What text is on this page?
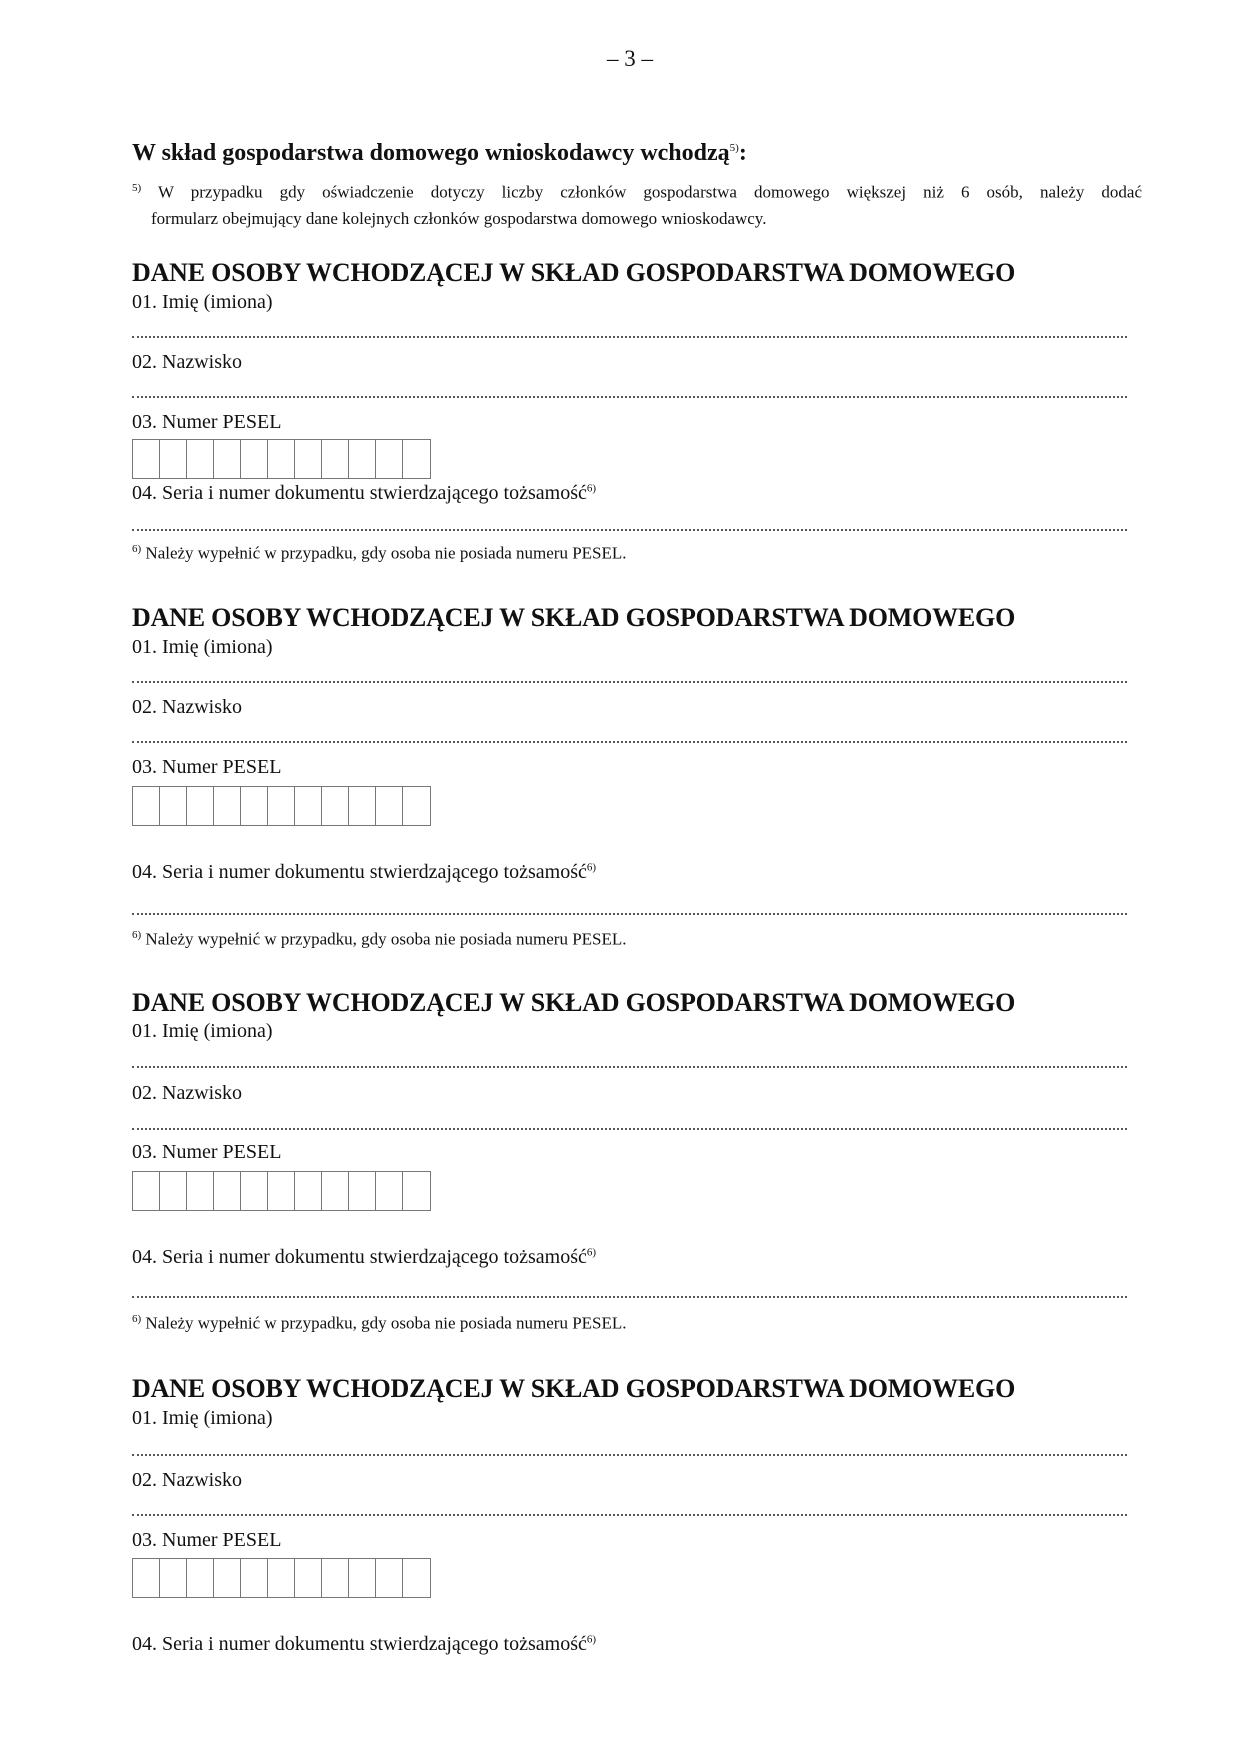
– 3 –
W skład gospodarstwa domowego wnioskodawcy wchodzą$^{5)}$:
$^{5)}$ W przypadku gdy oświadczenie dotyczy liczby członków gospodarstwa domowego większej niż 6 osób, należy dodać
formularz obejmujący dane kolejnych członków gospodarstwa domowego wnioskodawcy.
DANE OSOBY WCHODZĄCEJ W SKŁAD GOSPODARSTWA DOMOWEGO
01. Imię (imiona)
02. Nazwisko
03. Numer PESEL
04. Seria i numer dokumentu stwierdzającego tożsamość$^{6)}$
$^{6)}$ Należy wypełnić w przypadku, gdy osoba nie posiada numeru PESEL.
DANE OSOBY WCHODZĄCEJ W SKŁAD GOSPODARSTWA DOMOWEGO
01. Imię (imiona)
02. Nazwisko
03. Numer PESEL
04. Seria i numer dokumentu stwierdzającego tożsamość$^{6)}$
$^{6)}$ Należy wypełnić w przypadku, gdy osoba nie posiada numeru PESEL.
DANE OSOBY WCHODZĄCEJ W SKŁAD GOSPODARSTWA DOMOWEGO
01. Imię (imiona)
02. Nazwisko
03. Numer PESEL
04. Seria i numer dokumentu stwierdzającego tożsamość$^{6)}$
$^{6)}$ Należy wypełnić w przypadku, gdy osoba nie posiada numeru PESEL.
DANE OSOBY WCHODZĄCEJ W SKŁAD GOSPODARSTWA DOMOWEGO
01. Imię (imiona)
02. Nazwisko
03. Numer PESEL
04. Seria i numer dokumentu stwierdzającego tożsamość$^{6)}$
